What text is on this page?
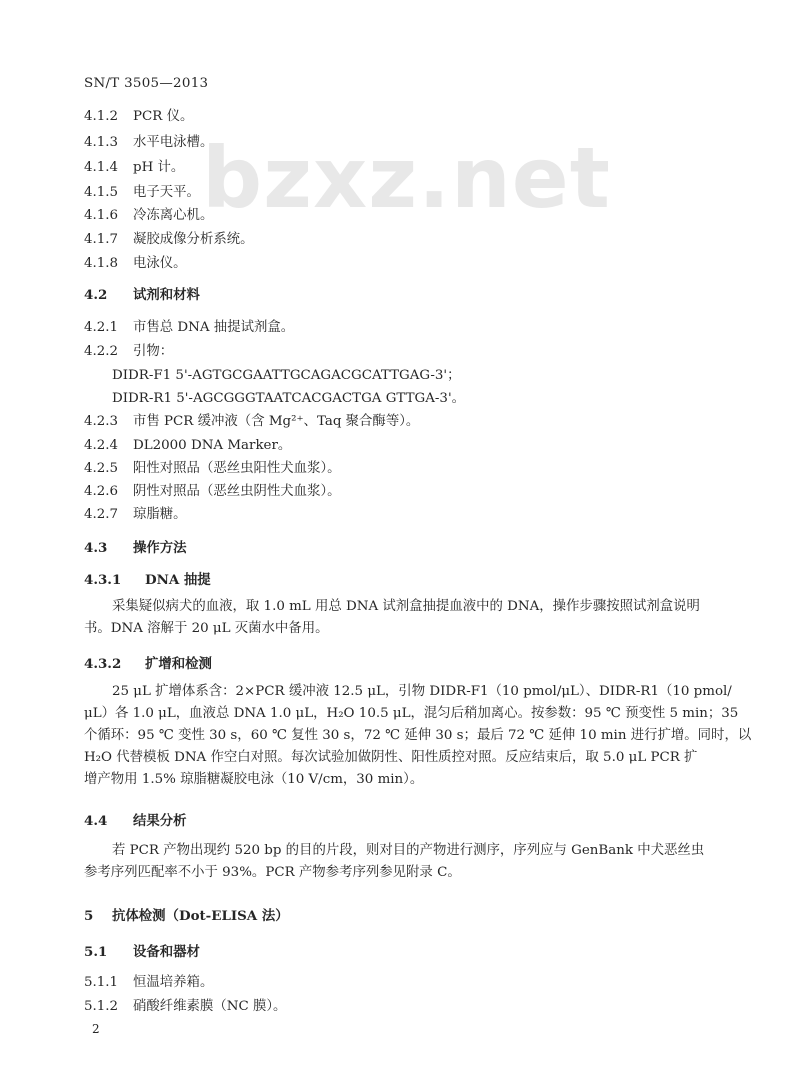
bzxz.net
SN/T 3505—2013
4.1.2 PCR 仪。
4.1.3 水平电泳槽。
4.1.4 pH 计。
4.1.5 电子天平。
4.1.6 冷冻离心机。
4.1.7 凝胶成像分析系统。
4.1.8 电泳仪。
4.2 试剂和材料
4.2.1 市售总 DNA 抽提试剂盒。
4.2.2 引物：
DIDR-F1 5'-AGTGCGAATTGCAGACGCATTGAG-3'；
DIDR-R1 5'-AGCGGGTAATCACGACTGA GTTGA-3'。
4.2.3 市售 PCR 缓冲液（含 Mg²⁺、Taq 聚合酶等）。
4.2.4 DL2000 DNA Marker。
4.2.5 阳性对照品（恶丝虫阳性犬血浆）。
4.2.6 阴性对照品（恶丝虫阴性犬血浆）。
4.2.7 琼脂糖。
4.3 操作方法
4.3.1 DNA 抽提
采集疑似病犬的血液，取 1.0 mL 用总 DNA 试剂盒抽提血液中的 DNA，操作步骤按照试剂盒说明
书。DNA 溶解于 20 μL 灭菌水中备用。
4.3.2 扩增和检测
25 μL 扩增体系含：2×PCR 缓冲液 12.5 μL，引物 DIDR-F1（10 pmol/μL）、DIDR-R1（10 pmol/
μL）各 1.0 μL，血液总 DNA 1.0 μL，H₂O 10.5 μL，混匀后稍加离心。按参数：95 ℃ 预变性 5 min；35
个循环：95 ℃ 变性 30 s，60 ℃ 复性 30 s，72 ℃ 延伸 30 s；最后 72 ℃ 延伸 10 min 进行扩增。同时，以
H₂O 代替模板 DNA 作空白对照。每次试验加做阴性、阳性质控对照。反应结束后，取 5.0 μL PCR 扩
增产物用 1.5% 琼脂糖凝胶电泳（10 V/cm，30 min）。
4.4 结果分析
若 PCR 产物出现约 520 bp 的目的片段，则对目的产物进行测序，序列应与 GenBank 中犬恶丝虫
参考序列匹配率不小于 93%。PCR 产物参考序列参见附录 C。
5 抗体检测（Dot-ELISA 法）
5.1 设备和器材
5.1.1 恒温培养箱。
5.1.2 硝酸纤维素膜（NC 膜）。
2
